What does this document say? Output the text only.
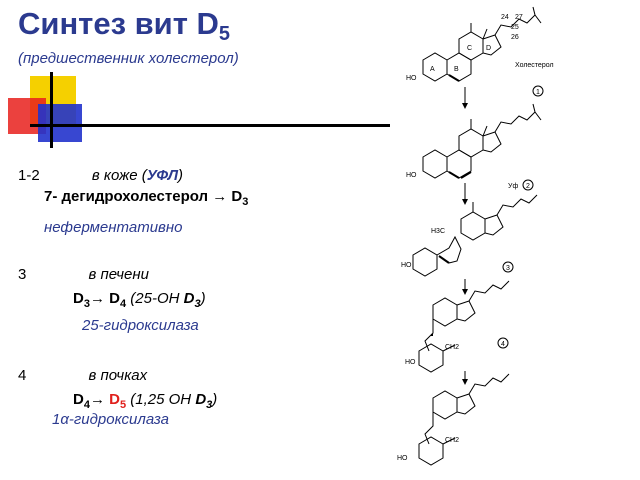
Синтез вит $D_5$
(предшественник холестерол)
1-2	в коже (УФЛ)
7- дегидрохолестерол → $D_3$
неферментативно
3	в печени
$D_3\to D_4$ (25-OH $D_3$)
25-гидроксилаза
4	в почках
$D_4\to D_5$ (1,25 OH $D_3$)
1α-гидроксилаза
A	B
C D
24 27
25
26
Холестерол
HO
HO
Уф
H3C
HO
CH2
HO
CH2
HO
1
2
3
4
